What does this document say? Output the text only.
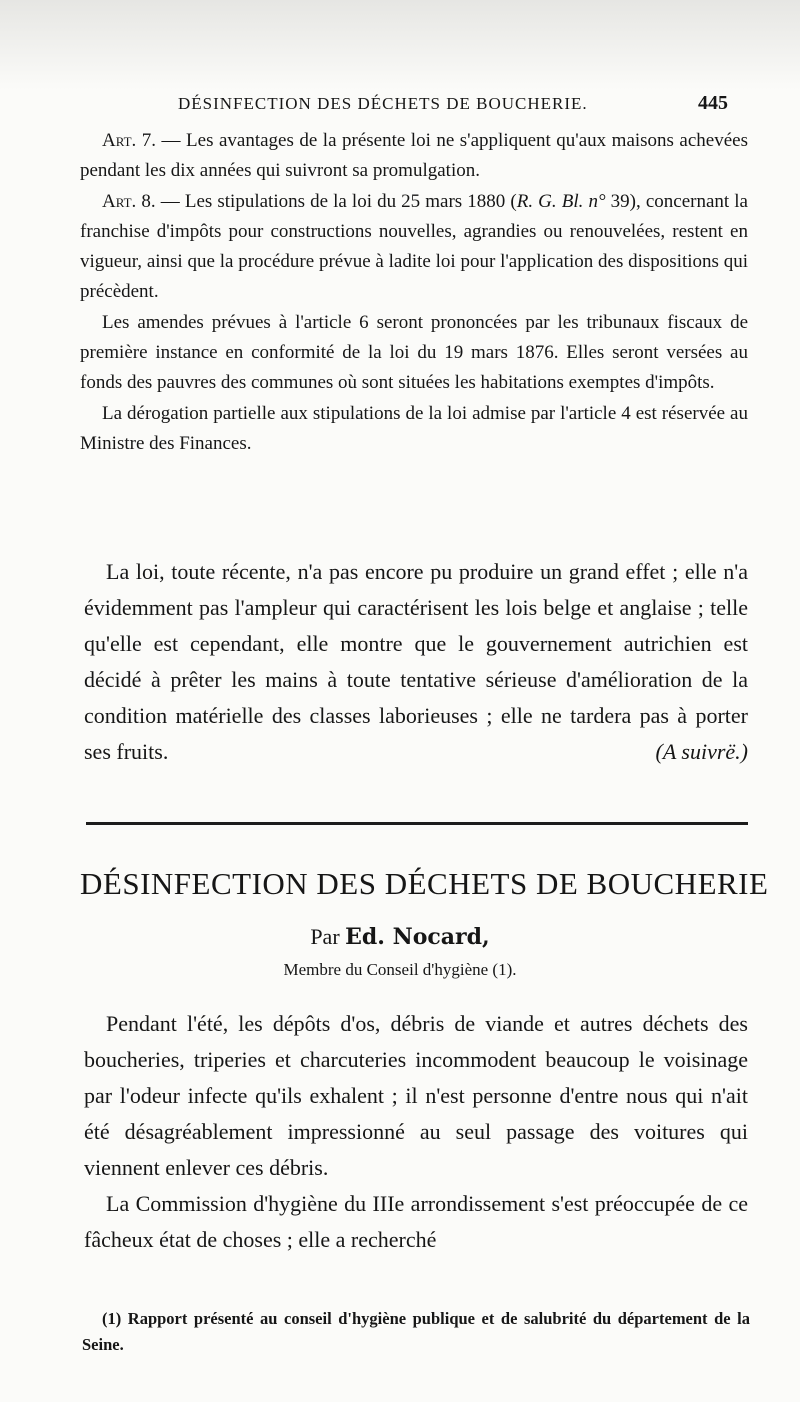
DÉSINFECTION DES DÉCHETS DE BOUCHERIE.	445

Art. 7. — Les avantages de la présente loi ne s'appliquent qu'aux maisons achevées pendant les dix années qui suivront sa promulgation.

Art. 8. — Les stipulations de la loi du 25 mars 1880 (R. G. Bl. n° 39), concernant la franchise d'impôts pour constructions nouvelles, agrandies ou renouvelées, restent en vigueur, ainsi que la procédure prévue à ladite loi pour l'application des dispositions qui précèdent.

Les amendes prévues à l'article 6 seront prononcées par les tribunaux fiscaux de première instance en conformité de la loi du 19 mars 1876. Elles seront versées au fonds des pauvres des communes où sont situées les habitations exemptes d'impôts.

La dérogation partielle aux stipulations de la loi admise par l'article 4 est réservée au Ministre des Finances.

La loi, toute récente, n'a pas encore pu produire un grand effet ; elle n'a évidemment pas l'ampleur qui caractérisent les lois belge et anglaise ; telle qu'elle est cependant, elle montre que le gouvernement autrichien est décidé à prêter les mains à toute tentative sérieuse d'amélioration de la condition matérielle des classes laborieuses ; elle ne tardera pas à porter ses fruits.	(A suivrë.)

DÉSINFECTION DES DÉCHETS DE BOUCHERIE
Par Ed. Nocard,
Membre du Conseil d'hygiène (1).

Pendant l'été, les dépôts d'os, débris de viande et autres déchets des boucheries, triperies et charcuteries incommodent beaucoup le voisinage par l'odeur infecte qu'ils exhalent ; il n'est personne d'entre nous qui n'ait été désagréablement impressionné au seul passage des voitures qui viennent enlever ces débris.

La Commission d'hygiène du IIIe arrondissement s'est préoccupée de ce fâcheux état de choses ; elle a recherché

(1) Rapport présenté au conseil d'hygiène publique et de salubrité du département de la Seine.
